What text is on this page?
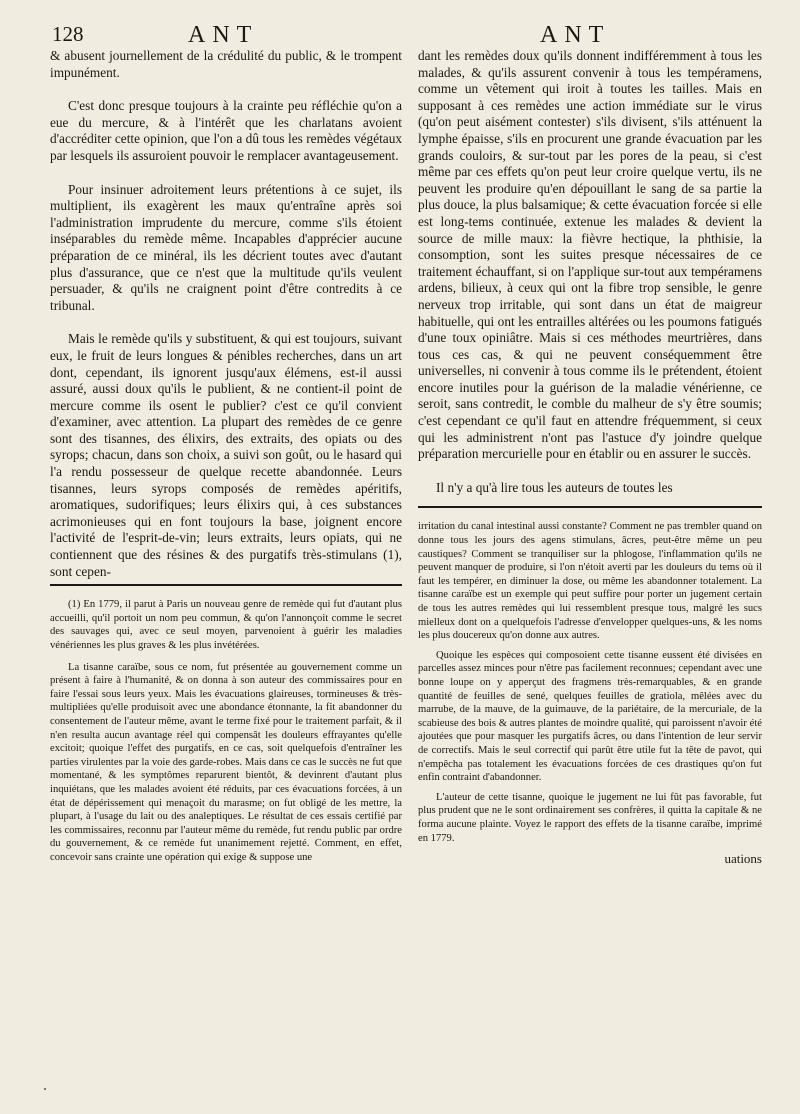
128	ANT	ANT

& abusent journellement de la crédulité du public, & le trompent impunément.

C'est donc presque toujours à la crainte peu réfléchie qu'on a eue du mercure, & à l'intérêt que les charlatans avoient d'accréditer cette opinion, que l'on a dû tous les remèdes végétaux par lesquels ils assuroient pouvoir le remplacer avantageusement.

Pour insinuer adroitement leurs prétentions à ce sujet, ils multiplient, ils exagèrent les maux qu'entraîne après soi l'administration imprudente du mercure, comme s'ils étoient inséparables du remède même. Incapables d'apprécier aucune préparation de ce minéral, ils les décrient toutes avec d'autant plus d'assurance, que ce n'est que la multitude qu'ils veulent persuader, & qu'ils ne craignent point d'être contredits à ce tribunal.

Mais le remède qu'ils y substituent, & qui est toujours, suivant eux, le fruit de leurs longues & pénibles recherches, dans un art dont, cependant, ils ignorent jusqu'aux élémens, est-il aussi assuré, aussi doux qu'ils le publient, & ne contient-il point de mercure comme ils osent le publier? c'est ce qu'il convient d'examiner, avec attention. La plupart des remèdes de ce genre sont des tisannes, des élixirs, des extraits, des opiats ou des syrops; chacun, dans son choix, a suivi son goût, ou le hasard qui l'a rendu possesseur de quelque recette abandonnée. Leurs tisannes, leurs syrops composés de remèdes apéritifs, aromatiques, sudorifiques; leurs élixirs qui, à ces substances acrimonieuses qui en font toujours la base, joignent encore l'activité de l'esprit-de-vin; leurs extraits, leurs opiats, qui ne contiennent que des résines & des purgatifs très-stimulans (1), sont cepen-

(1) En 1779, il parut à Paris un nouveau genre de remède qui fut d'autant plus accueilli, qu'il portoit un nom peu commun, & qu'on l'annonçoit comme le secret des sauvages qui, avec ce seul moyen, parvenoient à guérir les maladies vénériennes les plus graves & les plus invétérées.

La tisanne caraïbe, sous ce nom, fut présentée au gouvernement comme un présent à faire à l'humanité, & on donna à son auteur des commissaires pour en faire l'essai sous leurs yeux. Mais les évacuations glaireuses, tormineuses & très-multipliées qu'elle produisoit avec une abondance étonnante, la fit abandonner du consentement de l'auteur même, avant le terme fixé pour le traitement parfait, & il n'en resulta aucun avantage réel qui compensât les douleurs effrayantes qu'elle excitoit; quoique l'effet des purgatifs, en ce cas, soit quelquefois d'entraîner les parties virulentes par la voie des garde-robes. Mais dans ce cas le succès ne fut que momentané, & les symptômes reparurent bientôt, & devinrent d'autant plus inquiétans, que les malades avoient été réduits, par ces évacuations forcées, à un état de dépérissement qui menaçoit du marasme; on fut obligé de les mettre, la plupart, à l'usage du lait ou des analeptiques. Le résultat de ces essais certifié par les commissaires, reconnu par l'auteur même du remède, fut rendu public par ordre du gouvernement, & ce remède fut unanimement rejetté. Comment, en effet, concevoir sans crainte une opération qui exige & suppose une

dant les remèdes doux qu'ils donnent indifféremment à tous les malades, & qu'ils assurent convenir à tous les tempéramens, comme un vêtement qui iroit à toutes les tailles. Mais en supposant à ces remèdes une action immédiate sur le virus (qu'on peut aisément contester) s'ils divisent, s'ils atténuent la lymphe épaisse, s'ils en procurent une grande évacuation par les grands couloirs, & sur-tout par les pores de la peau, si c'est même par ces effets qu'on peut leur croire quelque vertu, ils ne peuvent les produire qu'en dépouillant le sang de sa partie la plus douce, la plus balsamique; & cette évacuation forcée si elle est long-tems continuée, extenue les malades & devient la source de mille maux: la fièvre hectique, la phthisie, la consomption, sont les suites presque nécessaires de ce traitement échauffant, si on l'applique sur-tout aux tempéramens ardens, bilieux, à ceux qui ont la fibre trop sensible, le genre nerveux trop irritable, qui sont dans un état de maigreur habituelle, qui ont les entrailles altérées ou les poumons fatigués d'une toux opiniâtre. Mais si ces méthodes meurtrières, dans tous ces cas, & qui ne peuvent conséquemment être universelles, ni convenir à tous comme ils le prétendent, étoient encore inutiles pour la guérison de la maladie vénérienne, ce seroit, sans contredit, le comble du malheur de s'y être soumis; c'est cependant ce qu'il faut en attendre fréquemment, si ceux qui les administrent n'ont pas l'astuce d'y joindre quelque préparation mercurielle pour en établir ou en assurer le succès.

Il n'y a qu'à lire tous les auteurs de toutes les

irritation du canal intestinal aussi constante? Comment ne pas trembler quand on donne tous les jours des agens stimulans, âcres, peut-être même un peu caustiques? Comment se tranquiliser sur la phlogose, l'inflammation qu'ils ne peuvent manquer de produire, si l'on n'étoit averti par les douleurs du tems où il faut les tempérer, en diminuer la dose, ou même les abandonner totalement. La tisanne caraïbe est un exemple qui peut suffire pour porter un jugement certain de tous les autres remèdes qui lui ressemblent presque tous, malgré les sucs mielleux dont on a quelquefois l'adresse d'envelopper quelques-uns, & les noms les plus doucereux qu'on donne aux autres.

Quoique les espèces qui composoient cette tisanne eussent été divisées en parcelles assez minces pour n'être pas facilement reconnues; cependant avec une bonne loupe on y apperçut des fragmens très-remarquables, & en grande quantité de feuilles de sené, quelques feuilles de gratiola, mêlées avec du marrube, de la mauve, de la guimauve, de la pariétaire, de la mercuriale, de la scabieuse des bois & autres plantes de moindre qualité, qui paroissent n'avoir été ajoutées que pour masquer les purgatifs âcres, ou dans l'intention de leur servir de correctifs. Mais le seul correctif qui parût être utile fut la tête de pavot, qui n'empêcha pas totalement les évacuations forcées de ces drastiques qu'on fut enfin contraint d'abandonner.

L'auteur de cette tisanne, quoique le jugement ne lui fût pas favorable, fut plus prudent que ne le sont ordinairement ses confrères, il quitta la capitale & ne forma aucune plainte. Voyez le rapport des effets de la tisanne caraïbe, imprimé en 1779.

uations
